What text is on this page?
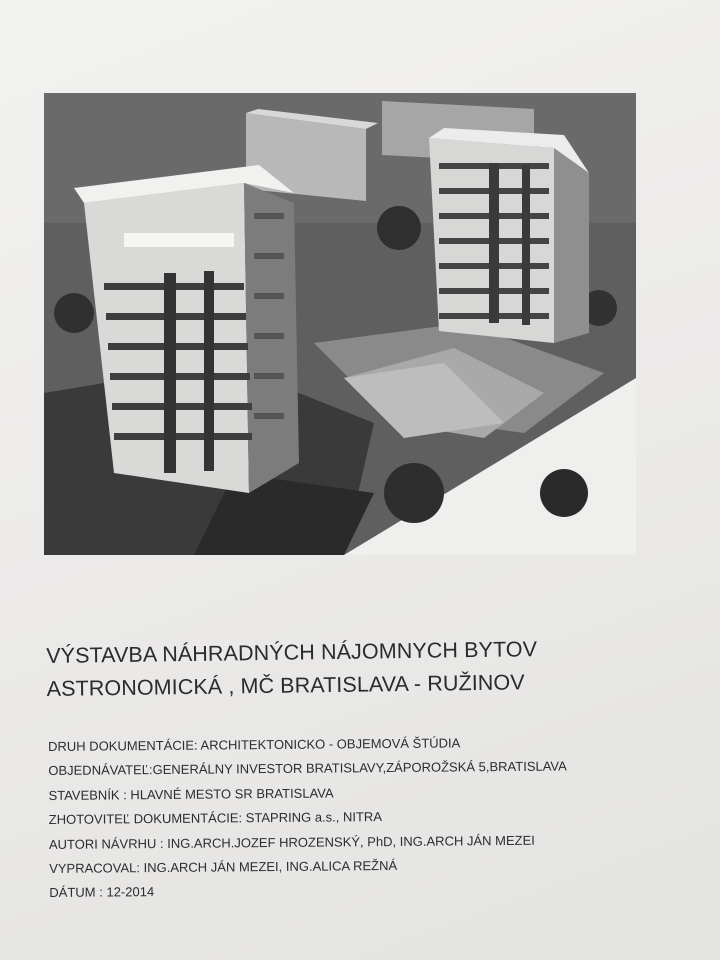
VÝSTAVBA NÁHRADNÝCH NÁJOMNYCH BYTOV
ASTRONOMICKÁ , MČ BRATISLAVA - RUŽINOV
DRUH DOKUMENTÁCIE: ARCHITEKTONICKO - OBJEMOVÁ ŠTÚDIA
OBJEDNÁVATEĽ:GENERÁLNY INVESTOR BRATISLAVY,ZÁPOROŽSKÁ 5,BRATISLAVA
STAVEBNÍK : HLAVNÉ MESTO SR BRATISLAVA
ZHOTOVITEĽ DOKUMENTÁCIE: STAPRING a.s., NITRA
AUTORI NÁVRHU : ING.ARCH.JOZEF HROZENSKÝ, PhD, ING.ARCH JÁN MEZEI
VYPRACOVAL: ING.ARCH JÁN MEZEI, ING.ALICA REŽNÁ
DÁTUM : 12-2014
